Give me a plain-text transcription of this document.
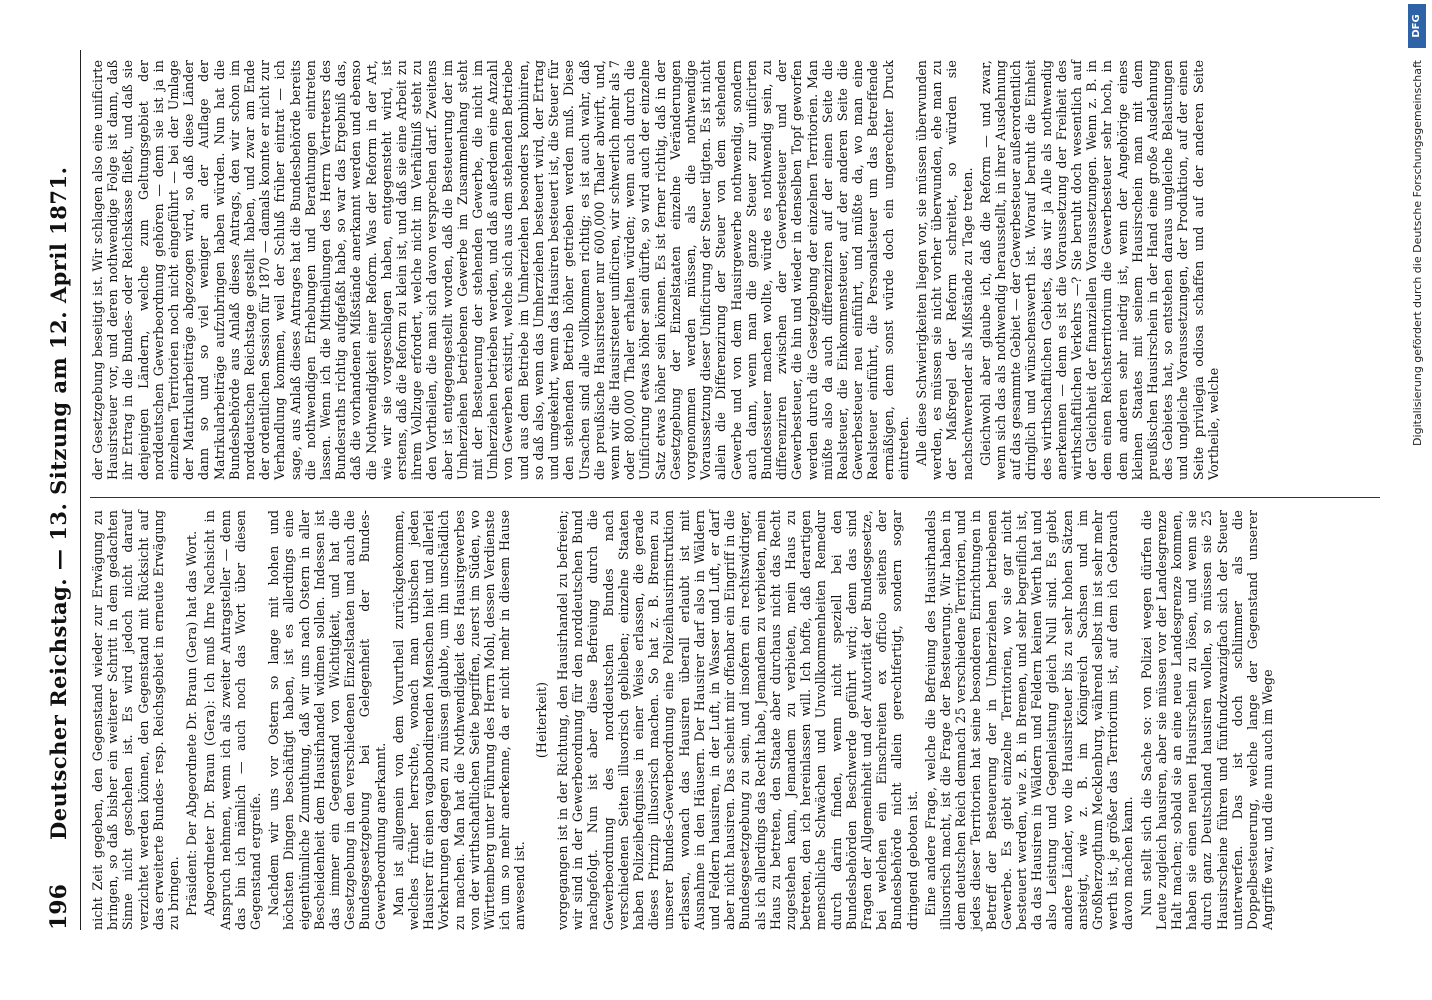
196
Deutscher Reichstag. — 13. Sitzung am 12. April 1871. nicht Zeit gegeben, den Gegenstand wieder zur Erwägung zu bringen, so daß bisher ein weiterer Schritt in dem gedachten Sinne nicht geschehen ist. Es wird jedoch nicht darauf verzichtet werden können, den Gegenstand mit Rücksicht auf das erweiterte Bundes- resp. Reichsgebiet in erneute Erwägung zu bringen. Präsident: Der Abgeordnete Dr. Braun (Gera) hat das Wort. Abgeordneter Dr. Braun (Gera): Ich muß Ihre Nachsicht in Anspruch nehmen, wenn ich als zweiter Antragsteller — denn das bin ich nämlich — auch noch das Wort über diesen Gegenstand ergreife. Nachdem wir uns vor Ostern so lange mit hohen und höchsten Dingen beschäftigt haben, ist es allerdings eine eigenthümliche Zumuthung, daß wir uns nach Ostern in aller Bescheidenheit dem Hausirhandel widmen sollen. Indessen ist das immer ein Gegenstand von Wichtigkeit, und hat die Gesetzgebung in den verschiedenen Einzelstaaten und auch die Bundesgesetzgebung bei Gelegenheit der Bundes-Gewerbeordnung anerkannt. Man ist allgemein von dem Vorurtheil zurückgekommen, welches früher herrschte, wonach man urbischen jeden Hausirer für einen vagabondirenden Menschen hielt und allerlei Vorkehrungen dagegen zu müssen glaubte, um ihn unschädlich zu machen. Man hat die Nothwendigkeit des Hausirgewerbes von der wirthschaftlichen Seite begriffen, zuerst im Süden, wo Württemberg unter Führung des Herrn Mohl, dessen Verdienste ich um so mehr anerkenne, da er nicht mehr in diesem Hause anwesend ist.

(Heiterkeit) vorgegangen ist in der Richtung, den Hausirhandel zu befreien; wir sind in der Gewerbeordnung für den norddeutschen Bund nachgefolgt. Nun ist aber diese Befreiung durch die Gewerbeordnung des norddeutschen Bundes nach verschiedenen Seiten illusorisch geblieben; einzelne Staaten haben Polizeibefugnisse in einer Weise erlassen, die gerade dieses Prinzip illusorisch machen. So hat z. B. Bremen zu unserer Bundes-Gewerbeordnung eine Polizeihausirinstruktion erlassen, wonach das Hausiren überall erlaubt ist mit Ausnahme in den Häusern. Der Hausirer darf also in Wäldern und Feldern hausiren, in der Luft, in Wasser und Luft, er darf aber nicht hausiren. Das scheint mir offenbar ein Eingriff in die Bundesgesetzgebung zu sein, und insofern ein rechtswidriger, als ich allerdings das Recht habe, Jemandem zu verbieten, mein Haus zu betreten, den Staate aber durchaus nicht das Recht zugestehen kann, Jemandem zu verbieten, mein Haus zu betreten, den ich hereinlassen will. Ich hoffe, daß derartigen menschliche Schwächen und Unvollkommenheiten Remedur durch darin finden, wenn nicht speziell bei den Bundesbehörden Beschwerde geführt wird; denn das sind Fragen der Allgemeinheit und der Autorität der Bundesgesetze, bei welchen ein Einschreiten ex officio seitens der Bundesbehörde nicht allein gerechtfertigt, sondern sogar dringend geboten ist. Eine andere Frage, welche die Befreiung des Hausirhandels illusorisch macht, ist die Frage der Besteuerung. Wir haben in dem deutschen Reich demnach 25 verschiedene Territorien, und jedes dieser Territorien hat seine besonderen Einrichtungen in Betreff der Besteuerung der in Umherziehen betriebenen Gewerbe. Es giebt einzelne Territorien, wo sie gar nicht besteuert werden, wie z. B. in Bremen, und sehr begreiflich ist, da das Hausiren in Wäldern und Feldern keinen Werth hat und also Leistung und Gegenleistung gleich Null sind. Es giebt andere Länder, wo die Hausirsteuer bis zu sehr hohen Sätzen ansteigt, wie z. B. im Königreich Sachsen und im Großherzogthum Mecklenburg, während selbst im ist sehr mehr werth ist, je größer das Territorium ist, auf dem ich Gebrauch davon machen kann. Nun stellt sich die Sache so: von Polizei wegen dürfen die Leute zugleich hausiren, aber sie müssen vor der Landesgrenze Halt machen; sobald sie an eine neue Landesgrenze kommen, haben sie einen neuen Hausirschein zu lösen, und wenn sie durch ganz Deutschland hausiren wollen, so müssen sie 25 Hausirscheine führen und fünfundzwanzigfach sich der Steuer unterwerfen. Das ist doch schlimmer als die Doppelbesteuerung, welche lange der Gegenstand unserer Angriffe war, und die nun auch im Wege

der Gesetzgebung beseitigt ist. Wir schlagen also eine unificirte Hausirsteuer vor, und deren nothwendige Folge ist dann, daß ihr Ertrag in die Bundes- oder Reichskasse fließt, und daß sie denjenigen Ländern, welche zum Geltungsgebiet der norddeutschen Gewerbeordnung gehören — denn sie ist ja in einzelnen Territorien noch nicht eingeführt — bei der Umlage der Matrikularbeiträge abgezogen wird, so daß diese Länder dann so und so viel weniger an der Auflage der Matrikularbeiträge aufzubringen haben würden. Nun hat die Bundesbehörde aus Anlaß dieses Antrags, den wir schon im norddeutschen Reichstage gestellt haben, und zwar am Ende der ordentlichen Session für 1870 — damals konnte er nicht zur Verhandlung kommen, weil der Schluß früher eintrat — ich sage, aus Anlaß dieses Antrages hat die Bundesbehörde bereits die nothwendigen Erhebungen und Berathungen eintreten lassen. Wenn ich die Mittheilungen des Herrn Vertreters des Bundesraths richtig aufgefaßt habe, so war das Ergebniß das, daß die vorhandenen Mißstände anerkannt werden und ebenso die Nothwendigkeit einer Reform. Was der Reform in der Art, wie wir sie vorgeschlagen haben, entgegensteht wird, ist erstens, daß die Reform zu klein ist, und daß sie eine Arbeit zu ihrem Vollzuge erfordert, welche nicht im Verhältniß steht zu den Vortheilen, die man sich davon versprechen darf. Zweitens aber ist entgegengestellt worden, daß die Besteuerung der im Umherziehen betriebenen Gewerbe im Zusammenhang steht mit der Besteuerung der stehenden Gewerbe, die nicht im Umherziehen betrieben werden, und daß außerdem eine Anzahl von Gewerben existirt, welche sich aus dem stehenden Betriebe und aus dem Betriebe im Umherziehen besonders kombiniren, so daß also, wenn das Umherziehen besteuert wird, der Ertrag und umgekehrt, wenn das Hausiren besteuert ist, die Steuer für den stehenden Betrieb höher getrieben werden muß. Diese Ursachen sind alle vollkommen richtig; es ist auch wahr, daß die preußische Hausirsteuer nur 600,000 Thaler abwirft, und, wenn wir die Hausirsteuer unificiren, wir schwerlich mehr als 7 oder 800,000 Thaler erhalten würden; wenn auch durch die Unificirung etwas höher sein dürfte, so wird auch der einzelne Satz etwas höher sein können. Es ist ferner richtig, daß in der Gesetzgebung der Einzelstaaten einzelne Veränderungen vorgenommen werden müssen, als die nothwendige Voraussetzung dieser Unificirung der Steuer tilgten. Es ist nicht allein die Differenzirung der Steuer von dem stehenden Gewerbe und von dem Hausirgewerbe nothwendig, sondern auch dann, wenn man die ganze Steuer zur unificirten Bundessteuer machen wollte, würde es nothwendig sein, zu differenziren zwischen der Gewerbesteuer und der Gewerbesteuer, die hin und wieder in denselben Topf geworfen werden durch die Gesetzgebung der einzelnen Territorien. Man müßte also da auch differenziren auf der einen Seite die Realsteuer, die Einkommensteuer, auf der anderen Seite die Gewerbesteuer neu einführt, und müßte da, wo man eine Realsteuer einführt, die Personalsteuer um das Betreffende ermäßigen, denn sonst würde doch ein ungerechter Druck eintreten. Alle diese Schwierigkeiten liegen vor, sie müssen überwunden werden, es müssen sie nicht vorher überwunden, ehe man zu der Maßregel der Reform schreitet, so würden sie nachschwerender als Mißstände zu Tage treten. Gleichwohl aber glaube ich, daß die Reform — und zwar, wenn sich das als nothwendig herausstellt, in ihrer Ausdehnung auf das gesammte Gebiet — der Gewerbesteuer außerordentlich dringlich und wünschenswerth ist. Worauf beruht die Einheit des wirthschaftlichen Gebiets, das wir ja Alle als nothwendig anerkennen — denn es ist die Voraussetzung der Freiheit des wirthschaftlichen Verkehrs —? Sie beruht doch wesentlich auf der Gleichheit der finanziellen Voraussetzungen. Wenn z. B. in dem einen Reichsterritorium die Gewerbesteuer sehr hoch, in dem anderen sehr niedrig ist, wenn der Angehörige eines kleinen Staates mit seinem Hausirschein man mit dem preußischen Hausirschein in der Hand eine große Ausdehnung des Gebietes hat, so entstehen daraus ungleiche Belastungen und ungleiche Voraussetzungen, der Produktion, auf der einen Seite privilegia odiosa schaffen und auf der anderen Seite Vortheile, welche	Digitalisierung gefördert durch die Deutsche Forschungsgemeinschaft
DFG
